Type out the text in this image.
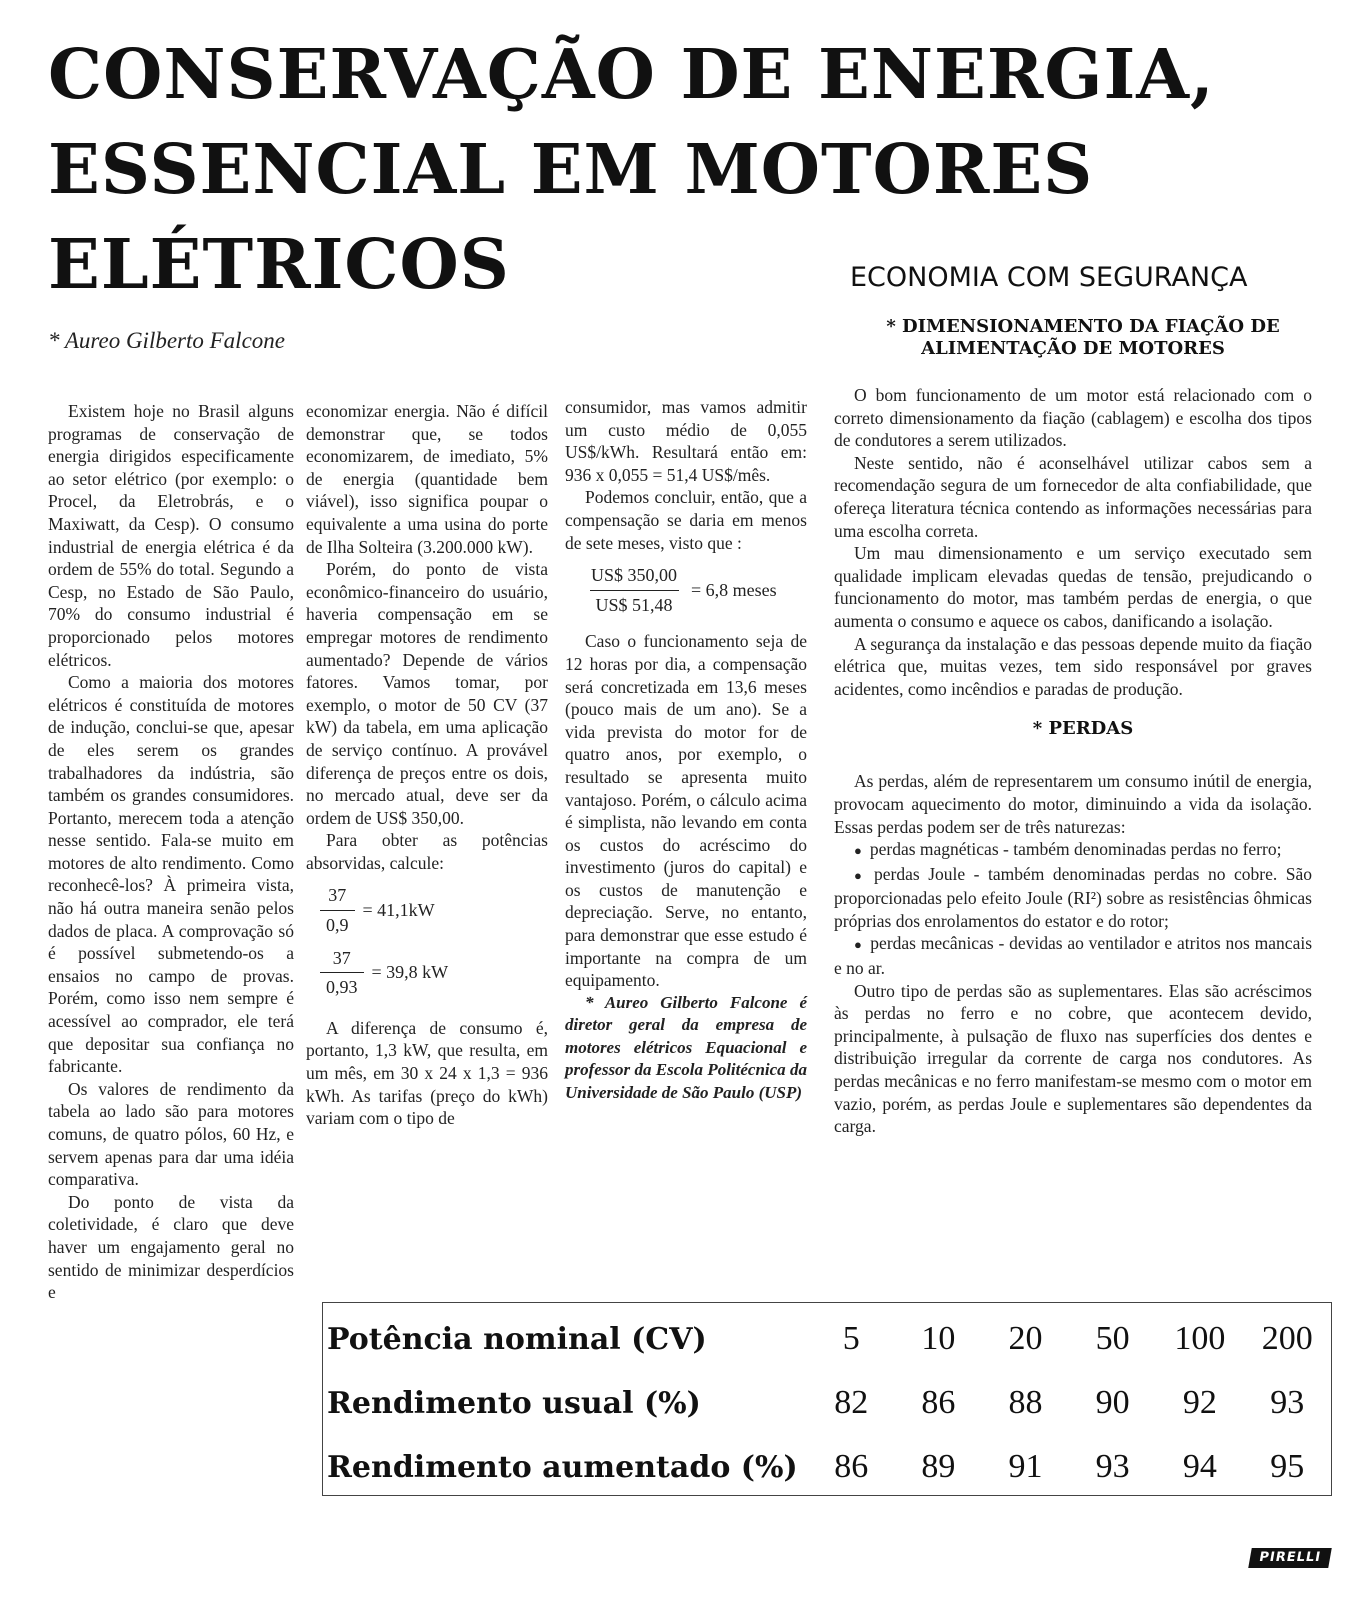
CONSERVAÇÃO DE ENERGIA,
ESSENCIAL EM MOTORES
ELÉTRICOS	ECONOMIA COM SEGURANÇA
* Aureo Gilberto Falcone

Existem hoje no Brasil alguns programas de conservação de energia dirigidos especificamente ao setor elétrico (por exemplo: o Procel, da Eletrobrás, e o Maxiwatt, da Cesp). O consumo industrial de energia elétrica é da ordem de 55% do total. Segundo a Cesp, no Estado de São Paulo, 70% do consumo industrial é proporcionado pelos motores elétricos.

Como a maioria dos motores elétricos é constituída de motores de indução, conclui-se que, apesar de eles serem os grandes trabalhadores da indústria, são também os grandes consumidores. Portanto, merecem toda a atenção nesse sentido. Fala-se muito em motores de alto rendimento. Como reconhecê-los? À primeira vista, não há outra maneira senão pelos dados de placa. A comprovação só é possível submetendo-os a ensaios no campo de provas. Porém, como isso nem sempre é acessível ao comprador, ele terá que depositar sua confiança no fabricante.

Os valores de rendimento da tabela ao lado são para motores comuns, de quatro pólos, 60 Hz, e servem apenas para dar uma idéia comparativa.

Do ponto de vista da coletividade, é claro que deve haver um engajamento geral no sentido de minimizar desperdícios e

economizar energia. Não é difícil demonstrar que, se todos economizarem, de imediato, 5% de energia (quantidade bem viável), isso significa poupar o equivalente a uma usina do porte de Ilha Solteira (3.200.000 kW).

Porém, do ponto de vista econômico-financeiro do usuário, haveria compensação em se empregar motores de rendimento aumentado? Depende de vários fatores. Vamos tomar, por exemplo, o motor de 50 CV (37 kW) da tabela, em uma aplicação de serviço contínuo. A provável diferença de preços entre os dois, no mercado atual, deve ser da ordem de US$ 350,00.

Para obter as potências absorvidas, calcule:

$\frac{37}{0,9} = 41,1kW$
$\frac{37}{0,93} = 39,8$ kW

A diferença de consumo é, portanto, 1,3 kW, que resulta, em um mês, em 30 x 24 x 1,3 = 936 kWh. As tarifas (preço do kWh) variam com o tipo de

consumidor, mas vamos admitir um custo médio de 0,055 US$/kWh. Resultará então em: 936 x 0,055 = 51,4 US$/mês.

Podemos concluir, então, que a compensação se daria em menos de sete meses, visto que :

$\frac{US\$ 350,00}{US\$ 51,48} = 6,8$ meses

Caso o funcionamento seja de 12 horas por dia, a compensação será concretizada em 13,6 meses (pouco mais de um ano). Se a vida prevista do motor for de quatro anos, por exemplo, o resultado se apresenta muito vantajoso. Porém, o cálculo acima é simplista, não levando em conta os custos do acréscimo do investimento (juros do capital) e os custos de manutenção e depreciação. Serve, no entanto, para demonstrar que esse estudo é importante na compra de um equipamento.

* Aureo Gilberto Falcone é diretor geral da empresa de motores elétricos Equacional e professor da Escola Politécnica da Universidade de São Paulo (USP)

* DIMENSIONAMENTO DA FIAÇÃO DE ALIMENTAÇÃO DE MOTORES

O bom funcionamento de um motor está relacionado com o correto dimensionamento da fiação (cablagem) e escolha dos tipos de condutores a serem utilizados.

Neste sentido, não é aconselhável utilizar cabos sem a recomendação segura de um fornecedor de alta confiabilidade, que ofereça literatura técnica contendo as informações necessárias para uma escolha correta.

Um mau dimensionamento e um serviço executado sem qualidade implicam elevadas quedas de tensão, prejudicando o funcionamento do motor, mas também perdas de energia, o que aumenta o consumo e aquece os cabos, danificando a isolação.

A segurança da instalação e das pessoas depende muito da fiação elétrica que, muitas vezes, tem sido responsável por graves acidentes, como incêndios e paradas de produção.

* PERDAS

As perdas, além de representarem um consumo inútil de energia, provocam aquecimento do motor, diminuindo a vida da isolação. Essas perdas podem ser de três naturezas:

● perdas magnéticas - também denominadas perdas no ferro;

● perdas Joule - também denominadas perdas no cobre. São proporcionadas pelo efeito Joule (RI²) sobre as resistências ôhmicas próprias dos enrolamentos do estator e do rotor;

● perdas mecânicas - devidas ao ventilador e atritos nos mancais e no ar.

Outro tipo de perdas são as suplementares. Elas são acréscimos às perdas no ferro e no cobre, que acontecem devido, principalmente, à pulsação de fluxo nas superfícies dos dentes e distribuição irregular da corrente de carga nos condutores. As perdas mecânicas e no ferro manifestam-se mesmo com o motor em vazio, porém, as perdas Joule e suplementares são dependentes da carga.

Potência nominal (CV)	5	10	20	50	100	200
Rendimento usual (%)	82	86	88	90	92	93
Rendimento aumentado (%)	86	89	91	93	94	95
PIRELLI
